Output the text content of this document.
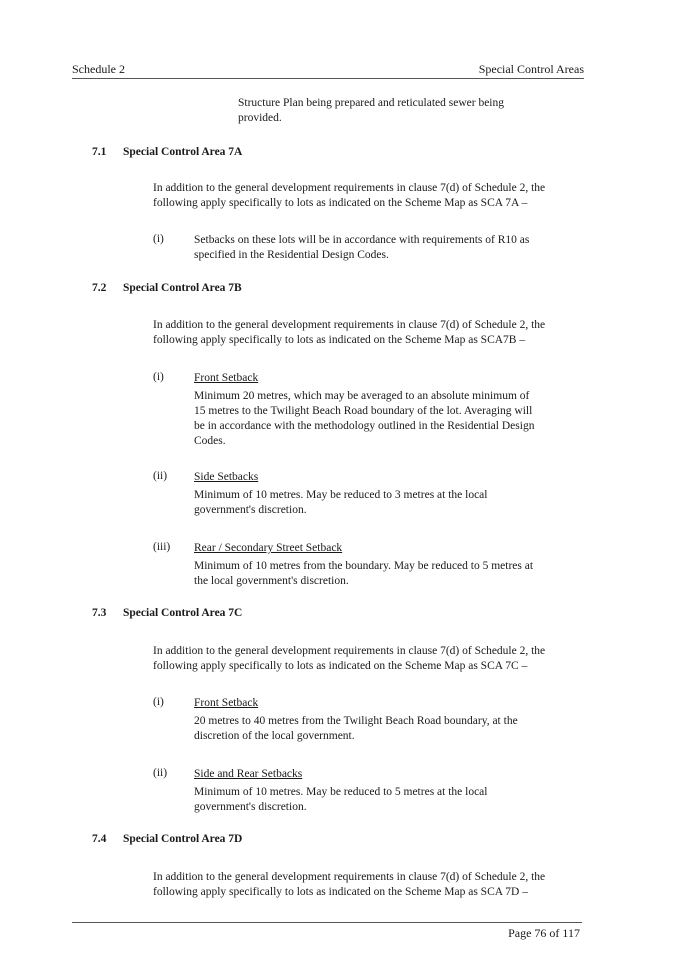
Schedule 2	Special Control Areas
Structure Plan being prepared and reticulated sewer being provided.
7.1 Special Control Area 7A
In addition to the general development requirements in clause 7(d) of Schedule 2, the following apply specifically to lots as indicated on the Scheme Map as SCA 7A –
(i)	Setbacks on these lots will be in accordance with requirements of R10 as specified in the Residential Design Codes.
7.2 Special Control Area 7B
In addition to the general development requirements in clause 7(d) of Schedule 2, the following apply specifically to lots as indicated on the Scheme Map as SCA7B –
(i)	Front Setback
Minimum 20 metres, which may be averaged to an absolute minimum of 15 metres to the Twilight Beach Road boundary of the lot. Averaging will be in accordance with the methodology outlined in the Residential Design Codes.
(ii) Side Setbacks
Minimum of 10 metres. May be reduced to 3 metres at the local government's discretion.
(iii) Rear / Secondary Street Setback
Minimum of 10 metres from the boundary. May be reduced to 5 metres at the local government's discretion.
7.3 Special Control Area 7C
In addition to the general development requirements in clause 7(d) of Schedule 2, the following apply specifically to lots as indicated on the Scheme Map as SCA 7C –
(i)	Front Setback
20 metres to 40 metres from the Twilight Beach Road boundary, at the discretion of the local government.
(ii) Side and Rear Setbacks
Minimum of 10 metres. May be reduced to 5 metres at the local government's discretion.
7.4 Special Control Area 7D
In addition to the general development requirements in clause 7(d) of Schedule 2, the following apply specifically to lots as indicated on the Scheme Map as SCA 7D –
Page 76 of 117
